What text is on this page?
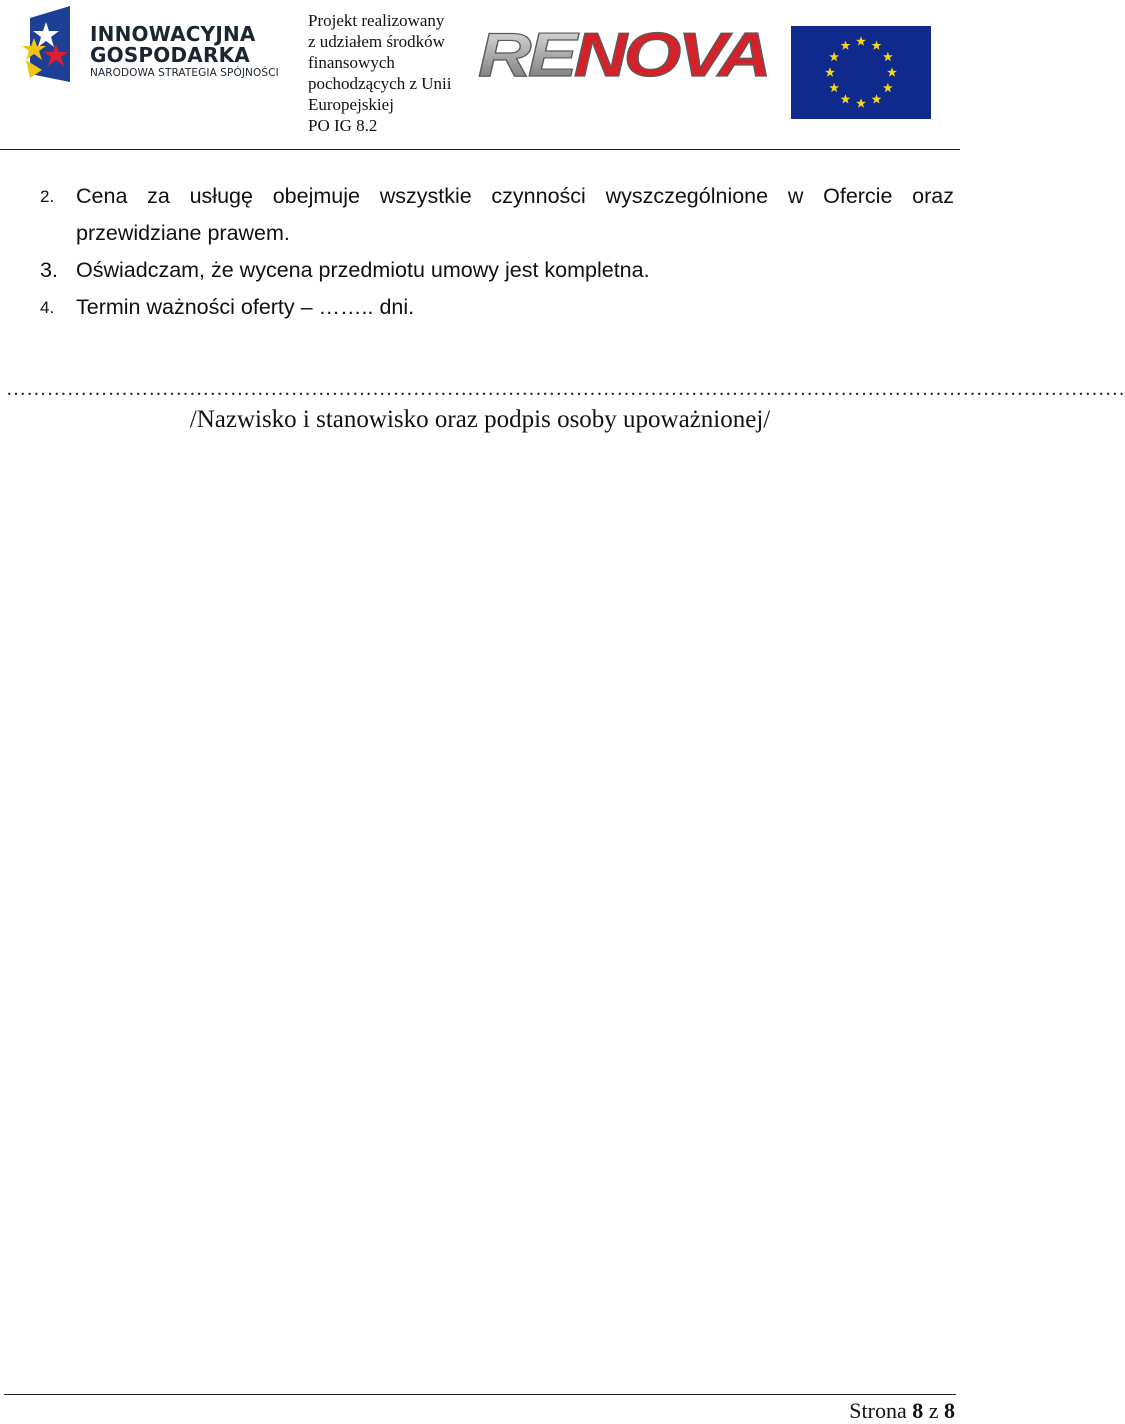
INNOWACYJNA
GOSPODARKA
NARODOWA STRATEGIA SPÓJNOŚCI
Projekt realizowany
z udziałem środków
finansowych
pochodzących z Unii
Europejskiej
PO IG 8.2
RE NOVA
2. Cena za usługę obejmuje wszystkie czynności wyszczególnione w Ofercie oraz przewidziane prawem.
3. Oświadczam, że wycena przedmiotu umowy jest kompletna.
4. Termin ważności oferty – …….. dni.
…………………………………………………………………………………………………………………………………………………
/Nazwisko i stanowisko oraz podpis osoby upoważnionej/
Strona 8 z 8
